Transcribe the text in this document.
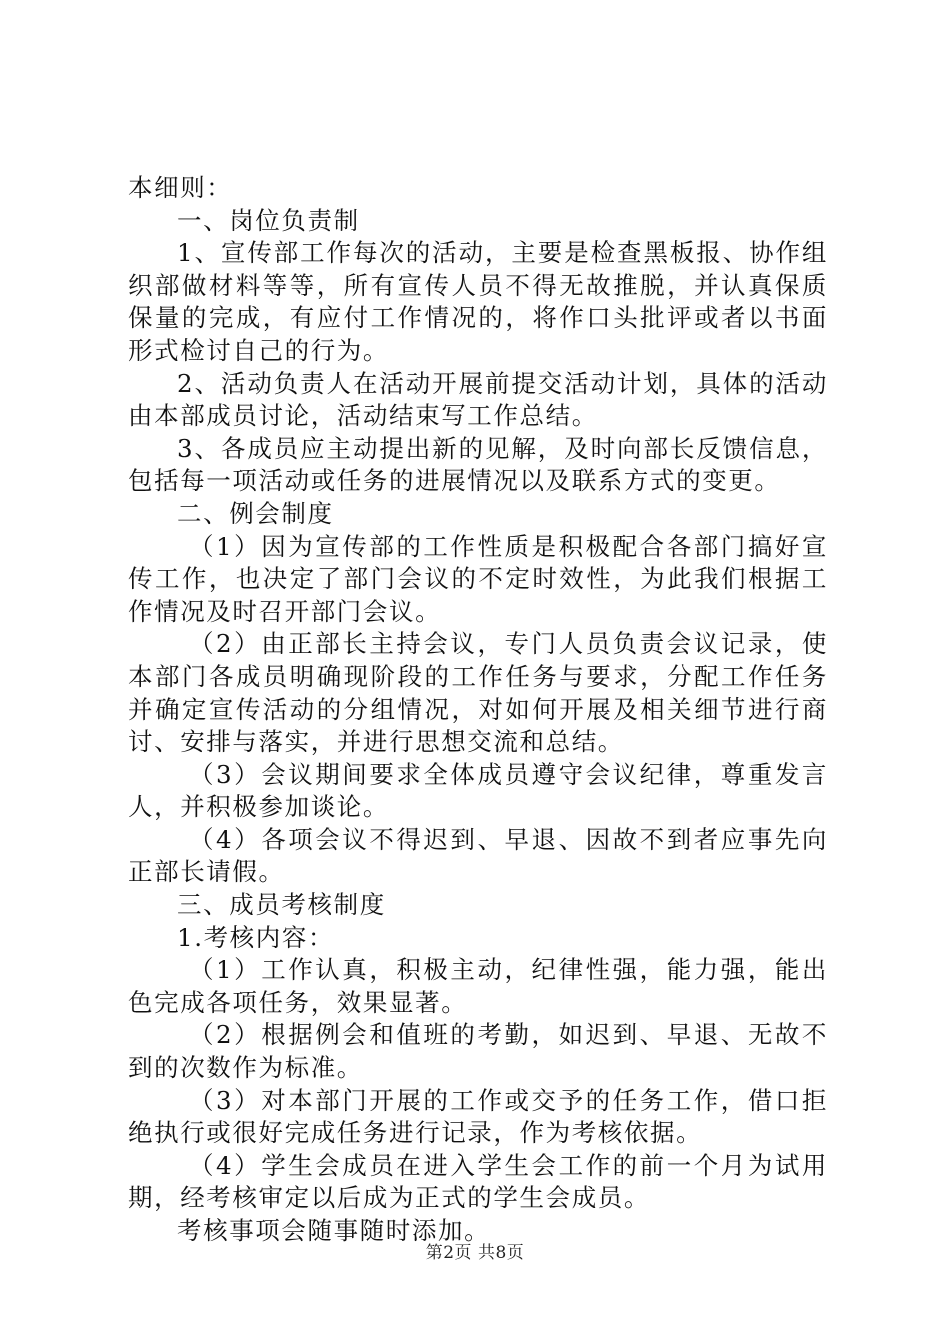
本细则：

一、岗位负责制

1、宣传部工作每次的活动，主要是检查黑板报、协作组织部做材料等等，所有宣传人员不得无故推脱，并认真保质保量的完成，有应付工作情况的，将作口头批评或者以书面形式检讨自己的行为。

2、活动负责人在活动开展前提交活动计划，具体的活动由本部成员讨论，活动结束写工作总结。

3、各成员应主动提出新的见解，及时向部长反馈信息，包括每一项活动或任务的进展情况以及联系方式的变更。

二、例会制度

（1）因为宣传部的工作性质是积极配合各部门搞好宣传工作，也决定了部门会议的不定时效性，为此我们根据工作情况及时召开部门会议。

（2）由正部长主持会议，专门人员负责会议记录，使本部门各成员明确现阶段的工作任务与要求，分配工作任务并确定宣传活动的分组情况，对如何开展及相关细节进行商讨、安排与落实，并进行思想交流和总结。

（3）会议期间要求全体成员遵守会议纪律，尊重发言人，并积极参加谈论。

（4）各项会议不得迟到、早退、因故不到者应事先向正部长请假。

三、成员考核制度

1.考核内容：

（1）工作认真，积极主动，纪律性强，能力强，能出色完成各项任务，效果显著。

（2）根据例会和值班的考勤，如迟到、早退、无故不到的次数作为标准。

（3）对本部门开展的工作或交予的任务工作，借口拒绝执行或很好完成任务进行记录，作为考核依据。

（4）学生会成员在进入学生会工作的前一个月为试用期，经考核审定以后成为正式的学生会成员。

考核事项会随事随时添加。

第2页 共8页
